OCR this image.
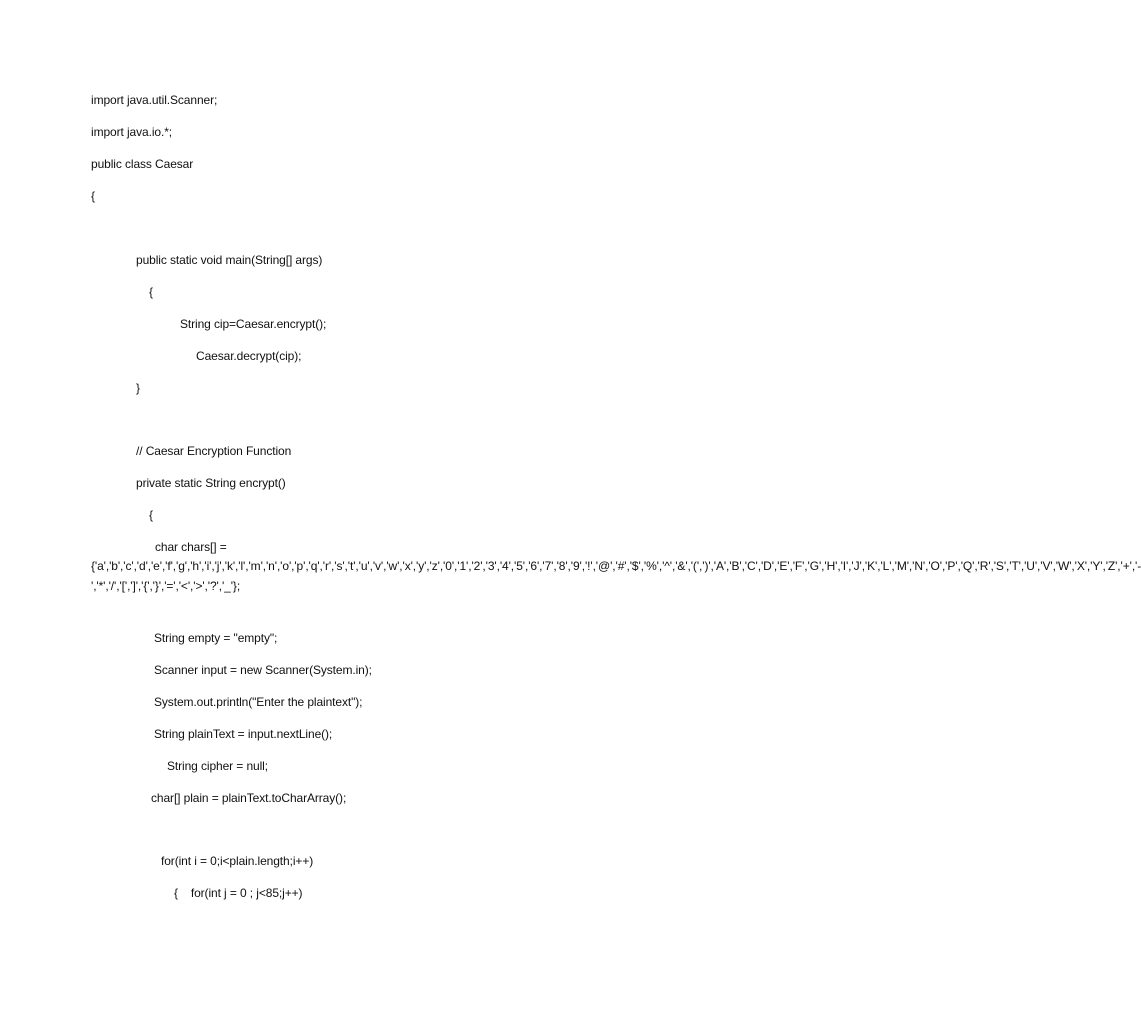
import java.util.Scanner;
import java.io.*;
public class Caesar
{
public static void main(String[] args)
{
String cip=Caesar.encrypt();
Caesar.decrypt(cip);
}
// Caesar Encryption Function
private static String encrypt()
{
char chars[] =
{'a','b','c','d','e','f','g','h','i','j','k','l','m','n','o','p','q','r','s','t','u','v','w','x','y','z','0','1','2','3','4','5','6','7','8','9','!','@','#','$','%','^','&','(',')','A','B','C','D','E','F','G','H','I','J','K','L','M','N','O','P','Q','R','S','T','U','V','W','X','Y','Z','+','-','*','/','[',']','{','}','=','<','>','?','_'};
String empty = "empty";
Scanner input = new Scanner(System.in);
System.out.println("Enter the plaintext");
String plainText = input.nextLine();
String cipher = null;
char[] plain = plainText.toCharArray();
for(int i = 0;i<plain.length;i++)
{    for(int j = 0 ; j<85;j++)
